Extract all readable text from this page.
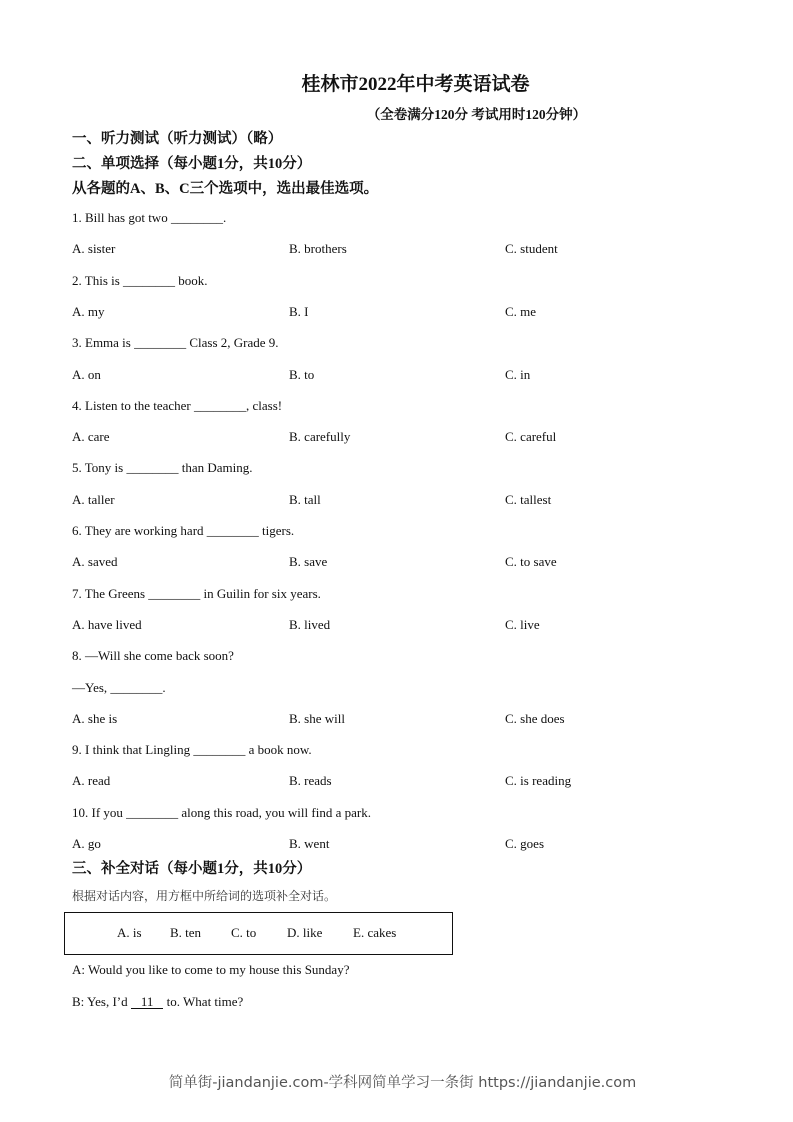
桂林市2022年中考英语试卷
（全卷满分120分 考试用时120分钟）
一、听力测试（听力测试）（略）
二、单项选择（每小题1分，共10分）
从各题的A、B、C三个选项中，选出最佳选项。
1. Bill has got two ________.
A. sister	B. brothers	C. student
2. This is ________ book.
A. my	B. I	C. me
3. Emma is ________ Class 2, Grade 9.
A. on	B. to	C. in
4. Listen to the teacher ________, class!
A. care	B. carefully	C. careful
5. Tony is ________ than Daming.
A. taller	B. tall	C. tallest
6. They are working hard ________ tigers.
A. saved	B. save	C. to save
7. The Greens ________ in Guilin for six years.
A. have lived	B. lived	C. live
8. —Will she come back soon?
—Yes, ________.
A. she is	B. she will	C. she does
9. I think that Lingling ________ a book now.
A. read	B. reads	C. is reading
10. If you ________ along this road, you will find a park.
A. go	B. went	C. goes
三、补全对话（每小题1分，共10分）
根据对话内容，用方框中所给词的选项补全对话。
A. is B. ten C. to D. like E. cakes
A: Would you like to come to my house this Sunday?
B: Yes, I’d 11 to. What time?
简单街-jiandanjie.com-学科网简单学习一条街 https://jiandanjie.com
